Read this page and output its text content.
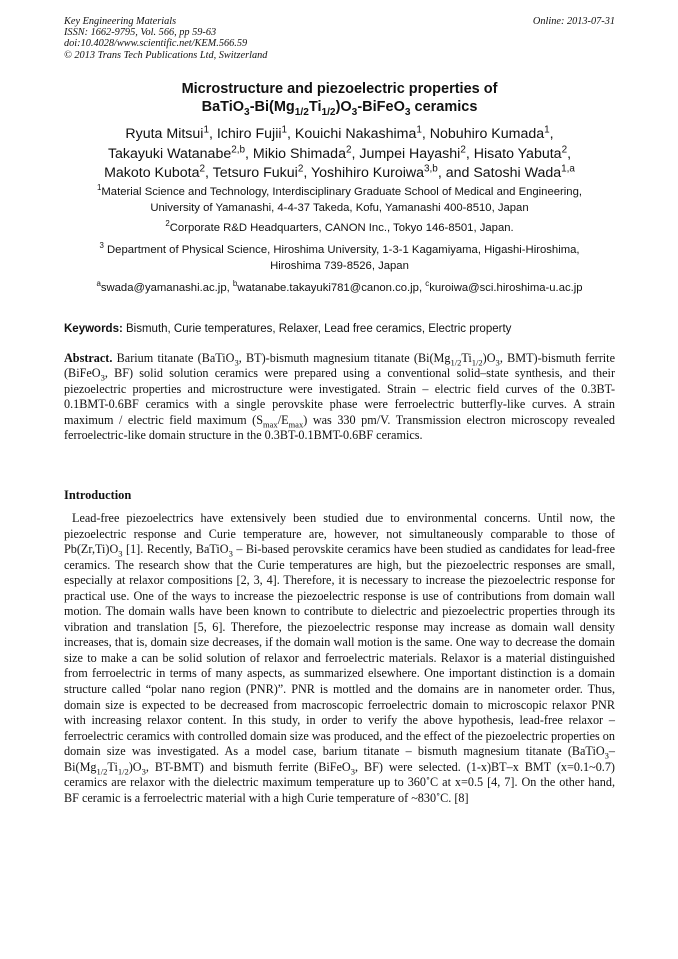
Key Engineering Materials
ISSN: 1662-9795, Vol. 566, pp 59-63
doi:10.4028/www.scientific.net/KEM.566.59
© 2013 Trans Tech Publications Ltd, Switzerland
Online: 2013-07-31
Microstructure and piezoelectric properties of
$BaTiO_3-Bi(Mg_{1/2}Ti_{1/2})O_3-BiFeO_3$ ceramics
Ryuta Mitsui$^1$, Ichiro Fujii$^1$, Kouichi Nakashima$^1$, Nobuhiro Kumada$^1$,
Takayuki Watanabe$^{2,b}$, Mikio Shimada$^2$, Jumpei Hayashi$^2$, Hisato Yabuta$^2$,
Makoto Kubota$^2$, Tetsuro Fukui$^2$, Yoshihiro Kuroiwa$^{3,b}$, and Satoshi Wada$^{1,a}$
$^1$Material Science and Technology, Interdisciplinary Graduate School of Medical and Engineering,
University of Yamanashi, 4-4-37 Takeda, Kofu, Yamanashi 400-8510, Japan
$^2$Corporate R&D Headquarters, CANON Inc., Tokyo 146-8501, Japan.
$^3$ Department of Physical Science, Hiroshima University, 1-3-1 Kagamiyama, Higashi-Hiroshima,
Hiroshima 739-8526, Japan
$^a$swada@yamanashi.ac.jp, $^b$watanabe.takayuki781@canon.co.jp, $^c$kuroiwa@sci.hiroshima-u.ac.jp
Keywords: Bismuth, Curie temperatures, Relaxer, Lead free ceramics, Electric property
Abstract. Barium titanate (BaTiO$_3$, BT)-bismuth magnesium titanate ($Bi(Mg_{1/2}Ti_{1/2})O_3$, BMT)-bismuth ferrite (BiFeO$_3$, BF) solid solution ceramics were prepared using a conventional solid–state synthesis, and their piezoelectric properties and microstructure were investigated. Strain – electric field curves of the 0.3BT-0.1BMT-0.6BF ceramics with a single perovskite phase were ferroelectric butterfly-like curves. A strain maximum / electric field maximum $(S_{max}/E_{max})$ was 330 pm/V. Transmission electron microscopy revealed ferroelectric-like domain structure in the 0.3BT-0.1BMT-0.6BF ceramics.
Introduction
Lead-free piezoelectrics have extensively been studied due to environmental concerns. Until now, the piezoelectric response and Curie temperature are, however, not simultaneously comparable to those of $Pb(Zr,Ti)O_3$ [1]. Recently, BaTiO$_3$ – Bi-based perovskite ceramics have been studied as candidates for lead-free ceramics. The research show that the Curie temperatures are high, but the piezoelectric responses are small, especially at relaxor compositions [2, 3, 4]. Therefore, it is necessary to increase the piezoelectric response for practical use. One of the ways to increase the piezoelectric response is use of contributions from domain wall motion. The domain walls have been known to contribute to dielectric and piezoelectric properties through its vibration and translation [5, 6]. Therefore, the piezoelectric response may increase as domain wall density increases, that is, domain size decreases, if the domain wall motion is the same. One way to decrease the domain size to make a can be solid solution of relaxor and ferroelectric materials. Relaxor is a material distinguished from ferroelectric in terms of many aspects, as summarized elsewhere. One important distinction is a domain structure called “polar nano region (PNR)”. PNR is mottled and the domains are in nanometer order. Thus, domain size is expected to be decreased from macroscopic ferroelectric domain to microscopic relaxor PNR with increasing relaxor content. In this study, in order to verify the above hypothesis, lead-free relaxor – ferroelectric ceramics with controlled domain size was produced, and the effect of the piezoelectric properties on domain size was investigated. As a model case, barium titanate – bismuth magnesium titanate ($BaTiO_3-Bi(Mg_{1/2}Ti_{1/2})O_3$, BT-BMT) and bismuth ferrite (BiFeO$_3$, BF) were selected. (1-x)BT–x BMT (x=0.1~0.7) ceramics are relaxor with the dielectric maximum temperature up to 360˚C at x=0.5 [4, 7]. On the other hand, BF ceramic is a ferroelectric material with a high Curie temperature of ~830˚C. [8]
